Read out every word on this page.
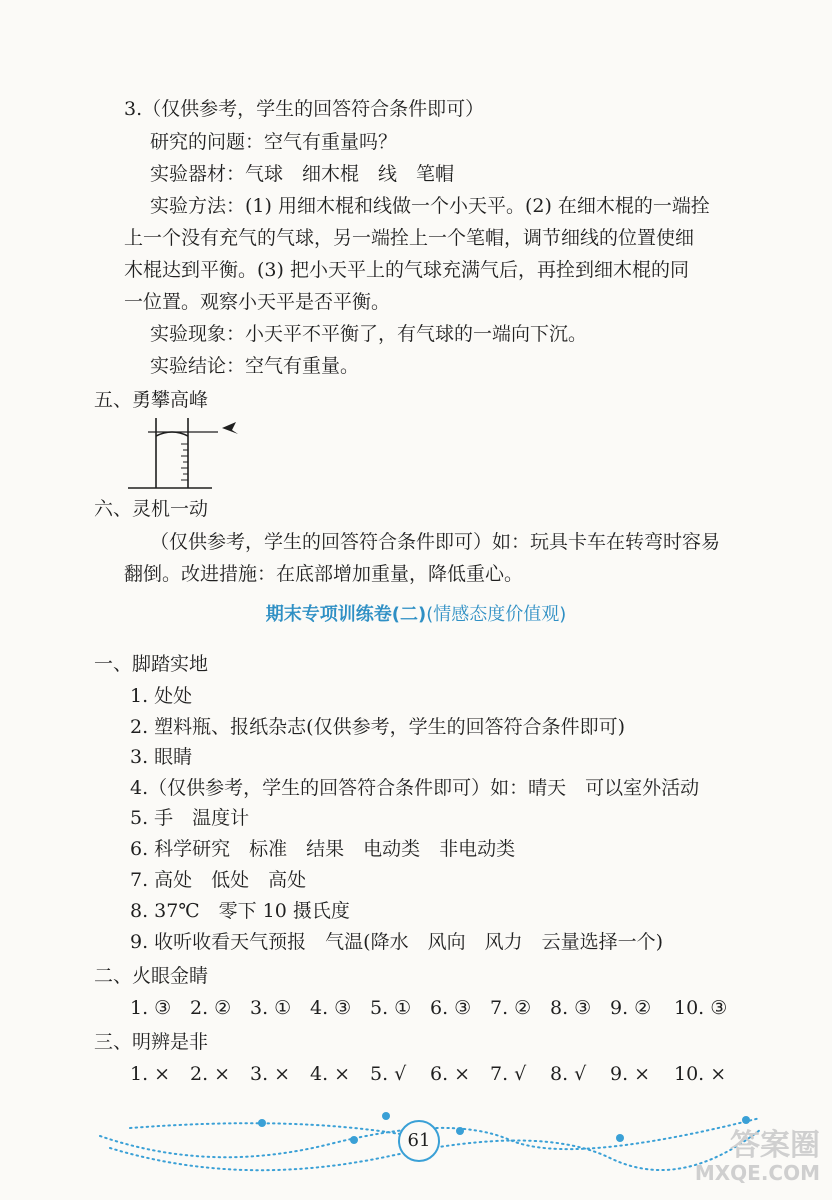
3.（仅供参考，学生的回答符合条件即可）
研究的问题：空气有重量吗？
实验器材：气球　细木棍　线　笔帽
实验方法：(1) 用细木棍和线做一个小天平。(2) 在细木棍的一端拴
上一个没有充气的气球，另一端拴上一个笔帽，调节细线的位置使细
木棍达到平衡。(3) 把小天平上的气球充满气后，再拴到细木棍的同
一位置。观察小天平是否平衡。
实验现象：小天平不平衡了，有气球的一端向下沉。
实验结论：空气有重量。
五、勇攀高峰
六、灵机一动
（仅供参考，学生的回答符合条件即可）如：玩具卡车在转弯时容易
翻倒。改进措施：在底部增加重量，降低重心。
期末专项训练卷(二)(情感态度价值观)
一、脚踏实地
1. 处处
2. 塑料瓶、报纸杂志(仅供参考，学生的回答符合条件即可)
3. 眼睛
4.（仅供参考，学生的回答符合条件即可）如：晴天　可以室外活动
5. 手　温度计
6. 科学研究　标准　结果　电动类　非电动类
7. 高处　低处　高处
8. 37℃　零下 10 摄氏度
9. 收听收看天气预报　气温(降水　风向　风力　云量选择一个)
二、火眼金睛
1. ③ 2. ② 3. ① 4. ③ 5. ① 6. ③ 7. ② 8. ③ 9. ② 10. ③
三、明辨是非
1. × 2. × 3. × 4. × 5. √ 6. × 7. √ 8. √ 9. × 10. ×
61	答案圈
MXQE.COM
